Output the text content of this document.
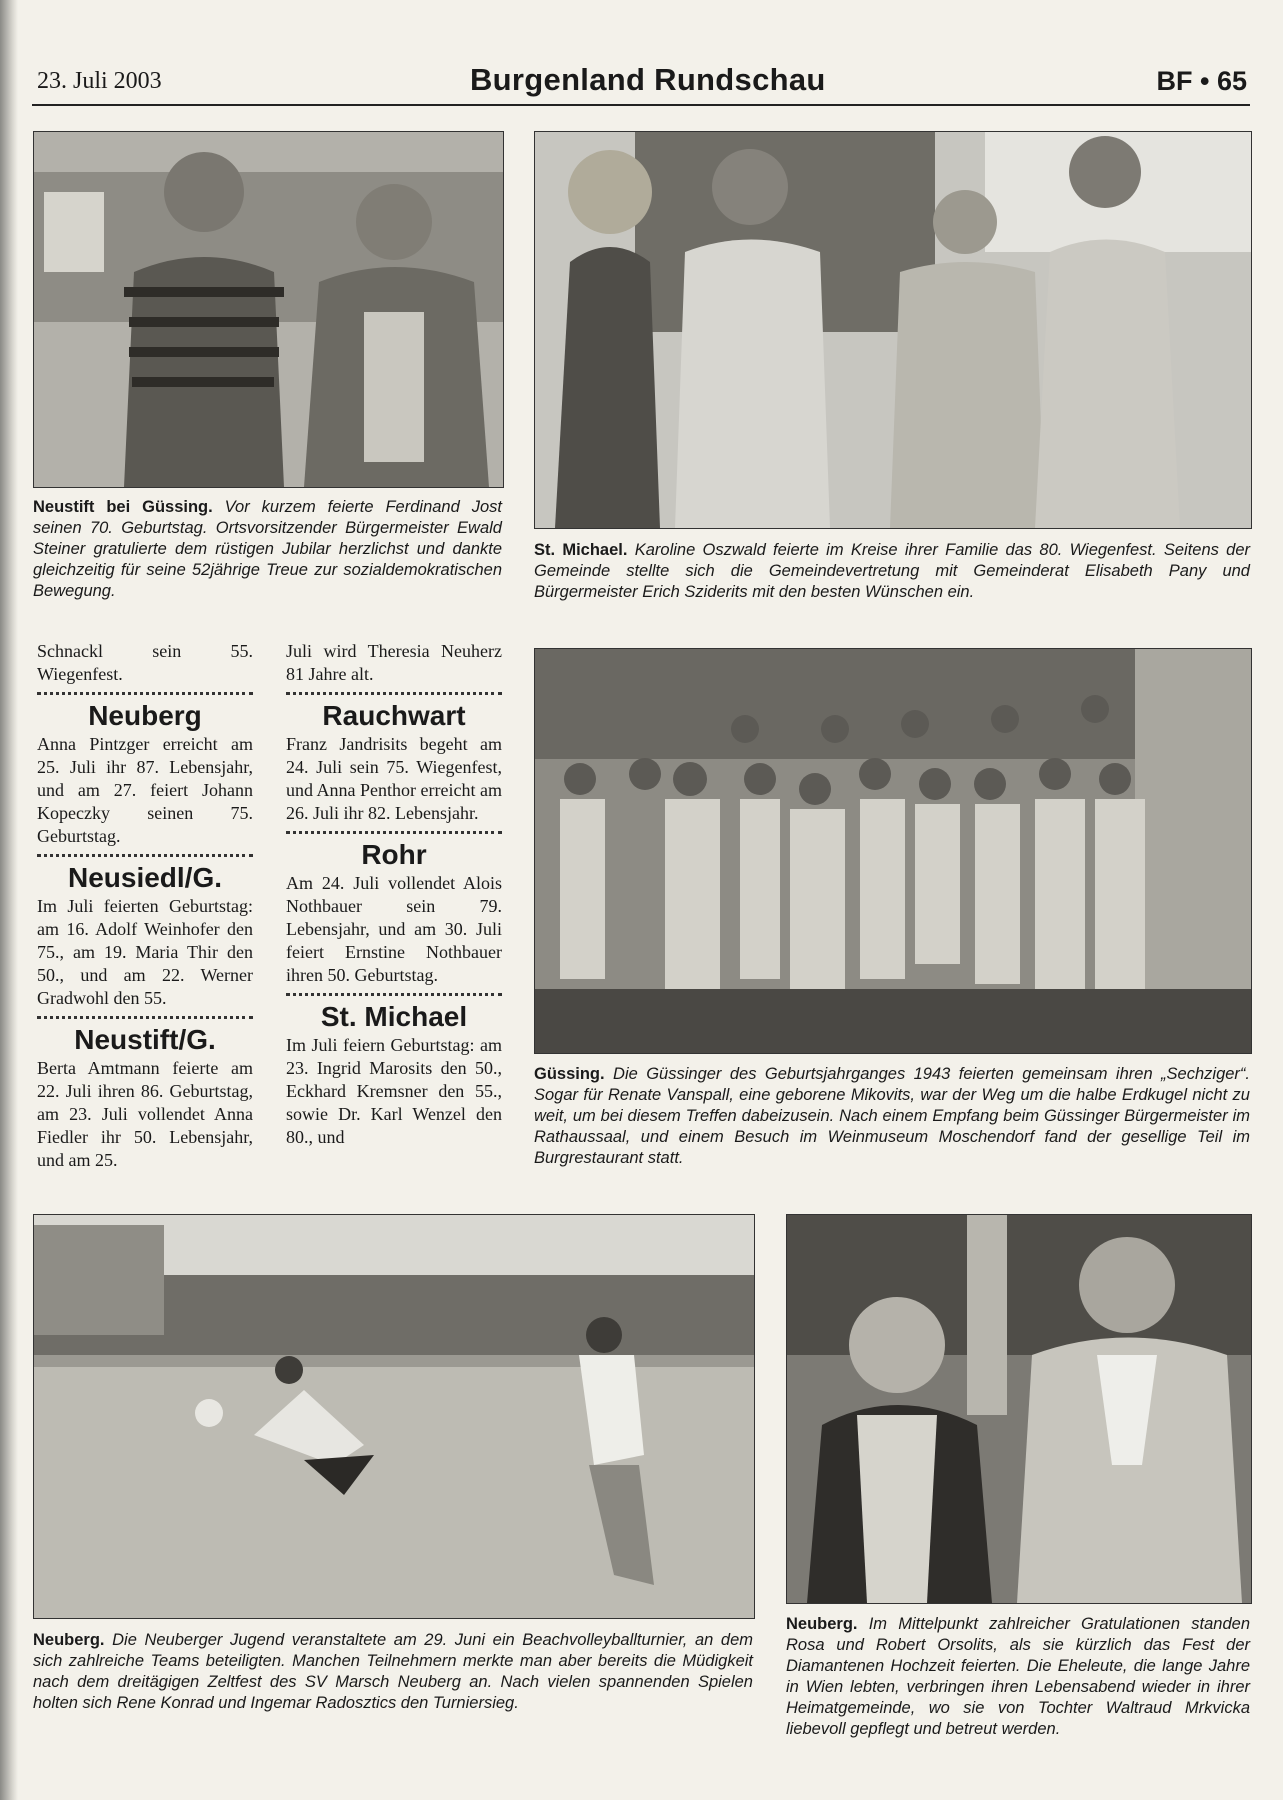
23. Juli 2003	Burgenland Rundschau	BF • 65
Neustift bei Güssing. Vor kurzem feierte Ferdinand Jost seinen 70. Geburtstag. Ortsvorsitzender Bürgermeister Ewald Steiner gratulierte dem rüstigen Jubilar herzlichst und dankte gleichzeitig für seine 52jährige Treue zur sozialdemokratischen Bewegung.
St. Michael. Karoline Oszwald feierte im Kreise ihrer Familie das 80. Wiegenfest. Seitens der Gemeinde stellte sich die Gemeindevertretung mit Gemeinderat Elisabeth Pany und Bürgermeister Erich Sziderits mit den besten Wünschen ein.

Schnackl sein 55. Wiegenfest.

Neuberg

Anna Pintzger erreicht am 25. Juli ihr 87. Lebensjahr, und am 27. feiert Johann Kopeczky seinen 75. Geburtstag.

Neusiedl/G.

Im Juli feierten Geburtstag: am 16. Adolf Weinhofer den 75., am 19. Maria Thir den 50., und am 22. Werner Gradwohl den 55.

Neustift/G.

Berta Amtmann feierte am 22. Juli ihren 86. Geburtstag, am 23. Juli vollendet Anna Fiedler ihr 50. Lebensjahr, und am 25.

Juli wird Theresia Neuherz 81 Jahre alt.

Rauchwart

Franz Jandrisits begeht am 24. Juli sein 75. Wiegenfest, und Anna Penthor erreicht am 26. Juli ihr 82. Lebensjahr.

Rohr

Am 24. Juli vollendet Alois Nothbauer sein 79. Lebensjahr, und am 30. Juli feiert Ernstine Nothbauer ihren 50. Geburtstag.

St. Michael

Im Juli feiern Geburtstag: am 23. Ingrid Marosits den 50., Eckhard Kremsner den 55., sowie Dr. Karl Wenzel den 80., und

Güssing. Die Güssinger des Geburtsjahrganges 1943 feierten gemeinsam ihren „Sechziger“. Sogar für Renate Vanspall, eine geborene Mikovits, war der Weg um die halbe Erdkugel nicht zu weit, um bei diesem Treffen dabeizusein. Nach einem Empfang beim Güssinger Bürgermeister im Rathaussaal, und einem Besuch im Weinmuseum Moschendorf fand der gesellige Teil im Burgrestaurant statt.
Neuberg. Die Neuberger Jugend veranstaltete am 29. Juni ein Beachvolleyballturnier, an dem sich zahlreiche Teams beteiligten. Manchen Teilnehmern merkte man aber bereits die Müdigkeit nach dem dreitägigen Zeltfest des SV Marsch Neuberg an. Nach vielen spannenden Spielen holten sich Rene Konrad und Ingemar Radosztics den Turniersieg.
Neuberg. Im Mittelpunkt zahlreicher Gratulationen standen Rosa und Robert Orsolits, als sie kürzlich das Fest der Diamantenen Hochzeit feierten. Die Eheleute, die lange Jahre in Wien lebten, verbringen ihren Lebensabend wieder in ihrer Heimatgemeinde, wo sie von Tochter Waltraud Mrkvicka liebevoll gepflegt und betreut werden.
